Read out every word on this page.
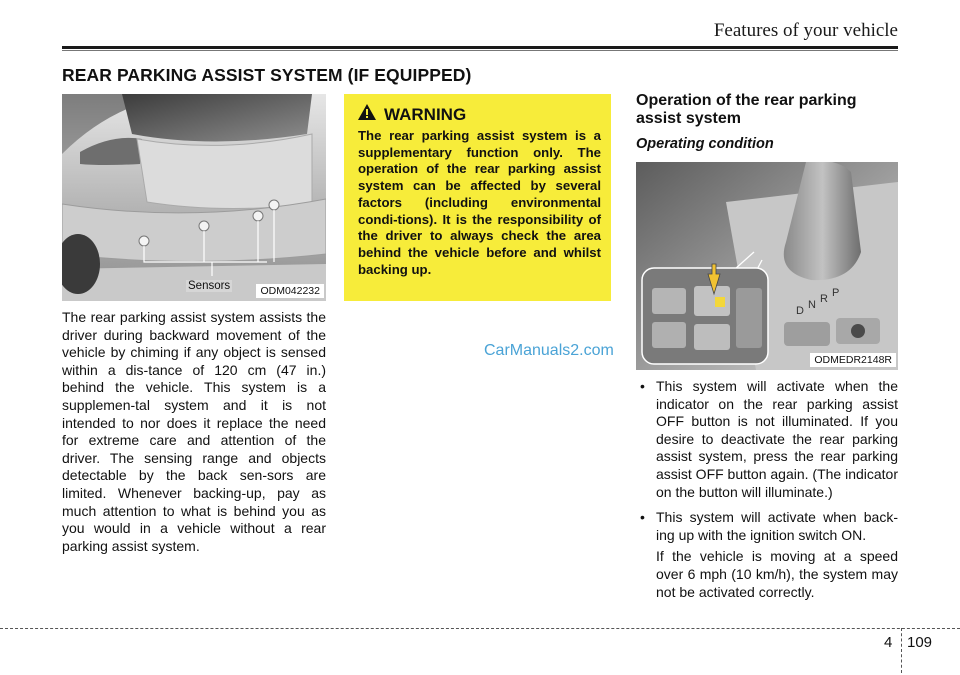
Features of your vehicle
REAR PARKING ASSIST SYSTEM (IF EQUIPPED)
Sensors	ODM042232
The rear parking assist system assists the driver during backward movement of the vehicle by chiming if any object is sensed within a dis-tance of 120 cm (47 in.) behind the vehicle. This system is a supplemen-tal system and it is not intended to nor does it replace the need for extreme care and attention of the driver. The sensing range and objects detectable by the back sen-sors are limited. Whenever backing-up, pay as much attention to what is behind you as you would in a vehicle without a rear parking assist system.
WARNING
The rear parking assist system is a supplementary function only. The operation of the rear parking assist system can be affected by several factors (including environmental condi-tions). It is the responsibility of the driver to always check the area behind the vehicle before and whilst backing up.
CarManuals2.com
Operation of the rear parking assist system
Operating condition
P
R
N
D
ODMEDR2148R
• This system will activate when the indicator on the rear parking assist OFF button is not illuminated. If you desire to deactivate the rear parking assist system, press the rear parking assist OFF button again. (The indicator on the button will illuminate.)
• This system will activate when back-ing up with the ignition switch ON.
If the vehicle is moving at a speed over 6 mph (10 km/h), the system may not be activated correctly.
4 109
